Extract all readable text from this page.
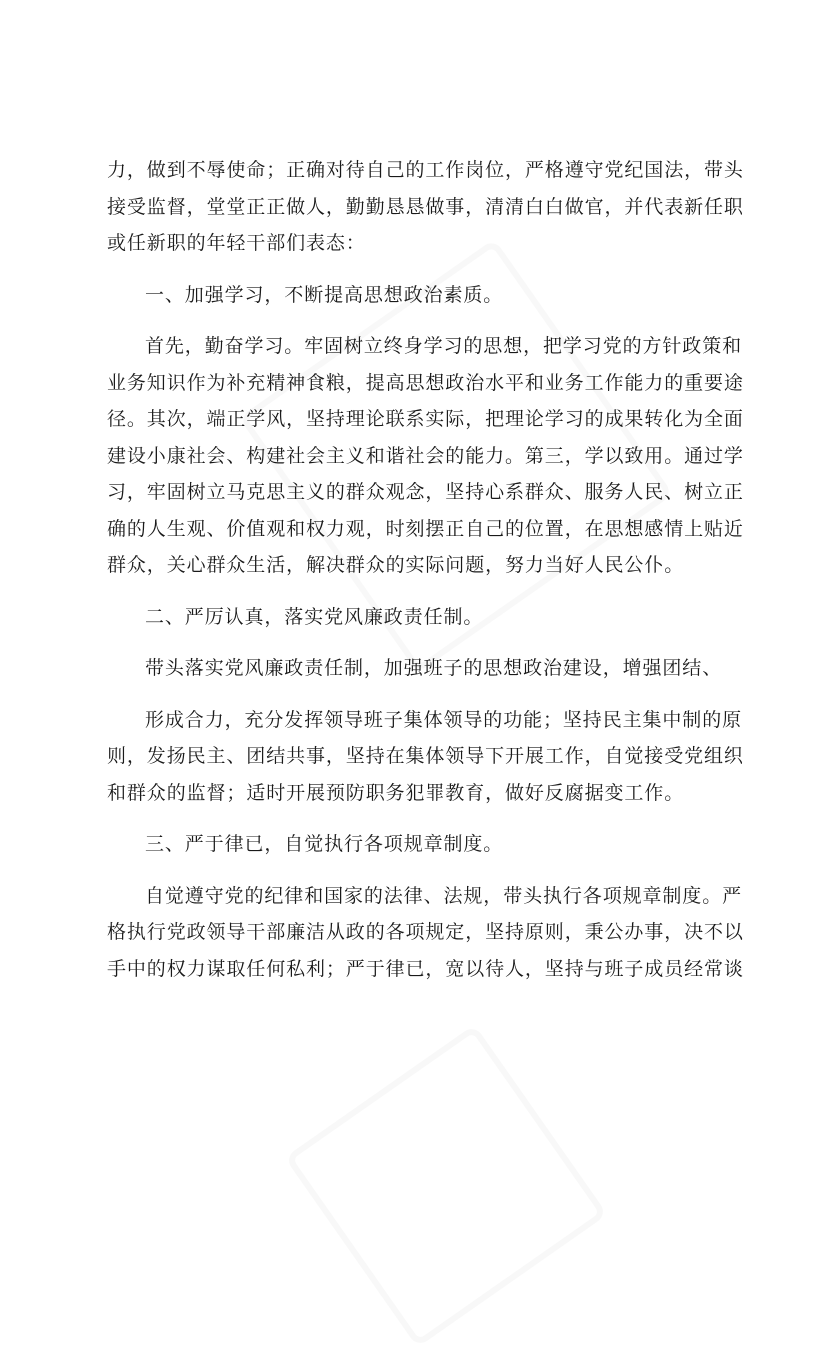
力，做到不辱使命；正确对待自己的工作岗位，严格遵守党纪国法，带头
接受监督，堂堂正正做人，勤勤恳恳做事，清清白白做官，并代表新任职
或任新职的年轻干部们表态：
一、加强学习，不断提高思想政治素质。
首先，勤奋学习。牢固树立终身学习的思想，把学习党的方针政策和
业务知识作为补充精神食粮，提高思想政治水平和业务工作能力的重要途
径。其次，端正学风，坚持理论联系实际，把理论学习的成果转化为全面
建设小康社会、构建社会主义和谐社会的能力。第三，学以致用。通过学
习，牢固树立马克思主义的群众观念，坚持心系群众、服务人民、树立正
确的人生观、价值观和权力观，时刻摆正自己的位置，在思想感情上贴近
群众，关心群众生活，解决群众的实际问题，努力当好人民公仆。
二、严厉认真，落实党风廉政责任制。
带头落实党风廉政责任制，加强班子的思想政治建设，增强团结、
形成合力，充分发挥领导班子集体领导的功能；坚持民主集中制的原
则，发扬民主、团结共事，坚持在集体领导下开展工作，自觉接受党组织
和群众的监督；适时开展预防职务犯罪教育，做好反腐据变工作。
三、严于律已，自觉执行各项规章制度。
自觉遵守党的纪律和国家的法律、法规，带头执行各项规章制度。严
格执行党政领导干部廉洁从政的各项规定，坚持原则，秉公办事，决不以
手中的权力谋取任何私利；严于律已，宽以待人，坚持与班子成员经常谈
